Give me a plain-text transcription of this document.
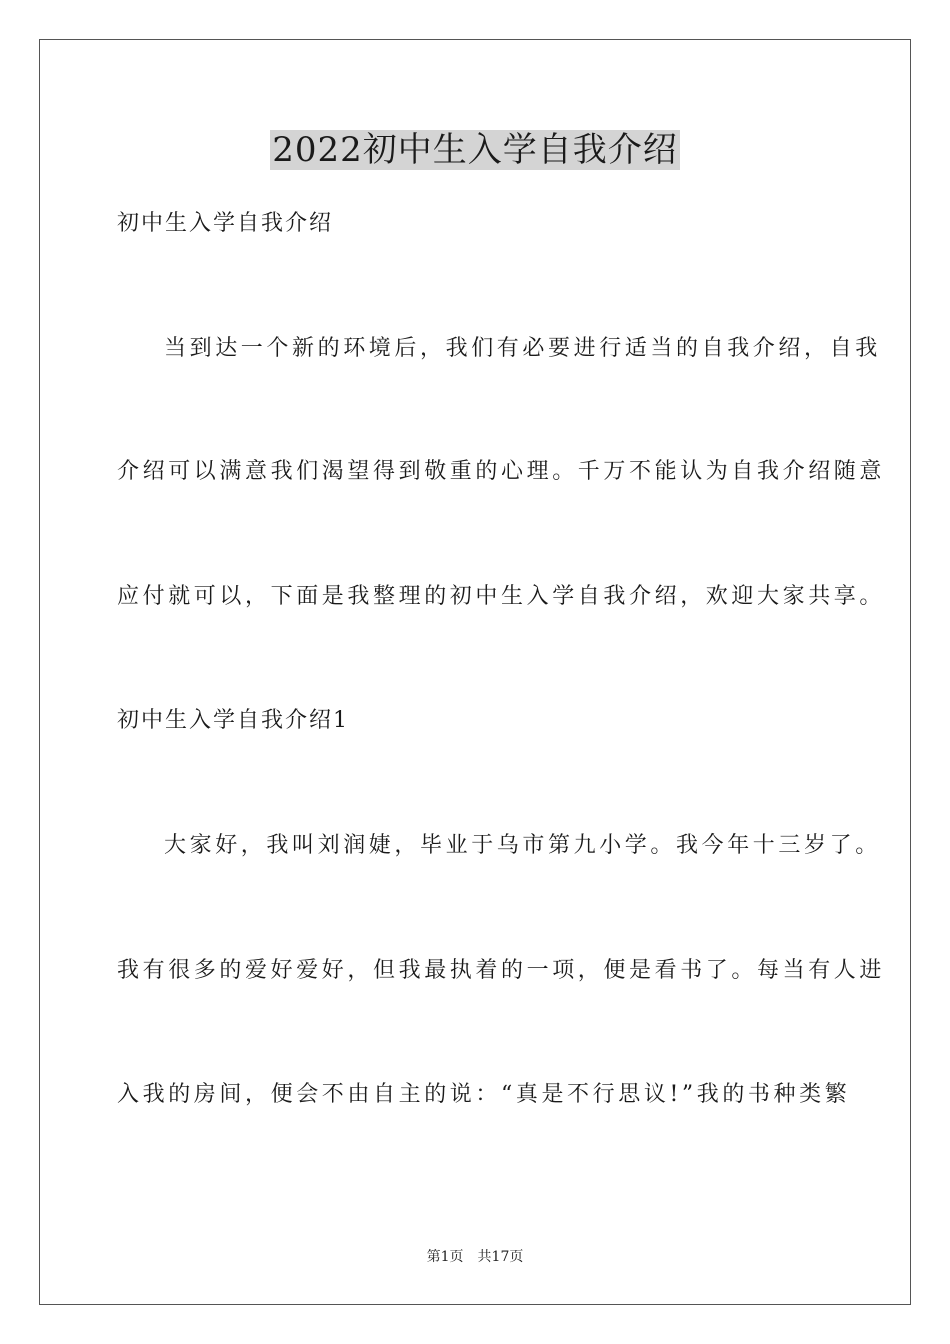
2022初中生入学自我介绍
初中生入学自我介绍
当到达一个新的环境后，我们有必要进行适当的自我介绍，自我
介绍可以满意我们渴望得到敬重的心理。千万不能认为自我介绍随意
应付就可以，下面是我整理的初中生入学自我介绍，欢迎大家共享。
初中生入学自我介绍1
大家好，我叫刘润婕，毕业于乌市第九小学。我今年十三岁了。
我有很多的爱好爱好，但我最执着的一项，便是看书了。每当有人进
入我的房间，便会不由自主的说：“真是不行思议!”我的书种类繁
第1页 共17页
